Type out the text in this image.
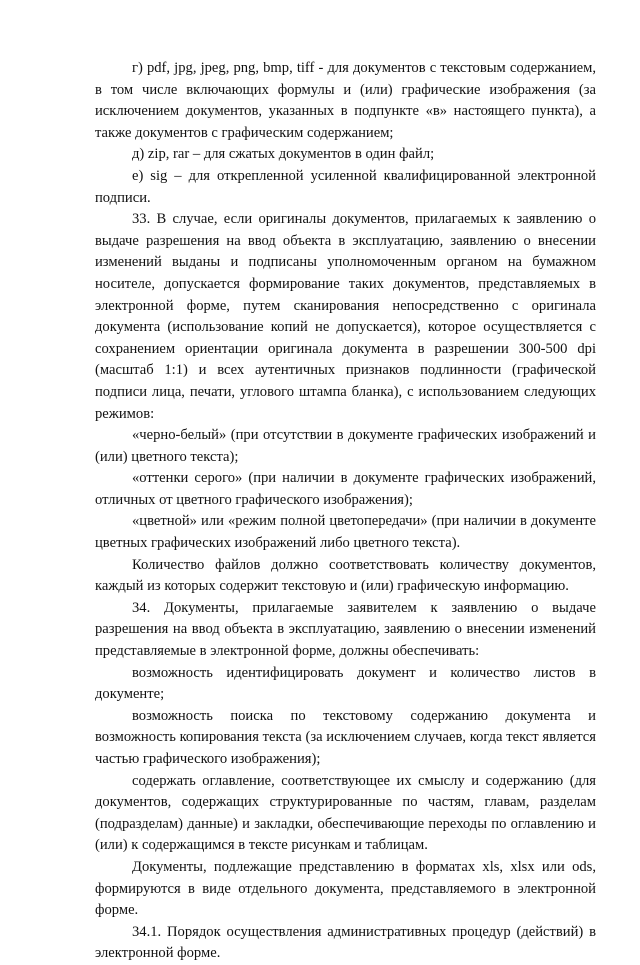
г) pdf, jpg, jpeg, png, bmp, tiff - для документов с текстовым содержанием, в том числе включающих формулы и (или) графические изображения (за исключением документов, указанных в подпункте «в» настоящего пункта), а также документов с графическим содержанием;

д) zip, rar – для сжатых документов в один файл;

е) sig – для открепленной усиленной квалифицированной электронной подписи.

33. В случае, если оригиналы документов, прилагаемых к заявлению о выдаче разрешения на ввод объекта в эксплуатацию, заявлению о внесении изменений выданы и подписаны уполномоченным органом на бумажном носителе, допускается формирование таких документов, представляемых в электронной форме, путем сканирования непосредственно с оригинала документа (использование копий не допускается), которое осуществляется с сохранением ориентации оригинала документа в разрешении 300-500 dpi (масштаб 1:1) и всех аутентичных признаков подлинности (графической подписи лица, печати, углового штампа бланка), с использованием следующих режимов:

«черно-белый» (при отсутствии в документе графических изображений и (или) цветного текста);

«оттенки серого» (при наличии в документе графических изображений, отличных от цветного графического изображения);

«цветной» или «режим полной цветопередачи» (при наличии в документе цветных графических изображений либо цветного текста).

Количество файлов должно соответствовать количеству документов, каждый из которых содержит текстовую и (или) графическую информацию.

34. Документы, прилагаемые заявителем к заявлению о выдаче разрешения на ввод объекта в эксплуатацию, заявлению о внесении изменений представляемые в электронной форме, должны обеспечивать:

возможность идентифицировать документ и количество листов в документе;

возможность поиска по текстовому содержанию документа и возможность копирования текста (за исключением случаев, когда текст является частью графического изображения);

содержать оглавление, соответствующее их смыслу и содержанию (для документов, содержащих структурированные по частям, главам, разделам (подразделам) данные) и закладки, обеспечивающие переходы по оглавлению и (или) к содержащимся в тексте рисункам и таблицам.

Документы, подлежащие представлению в форматах xls, xlsx или ods, формируются в виде отдельного документа, представляемого в электронной форме.

34.1. Порядок осуществления административных процедур (действий) в электронной форме.
